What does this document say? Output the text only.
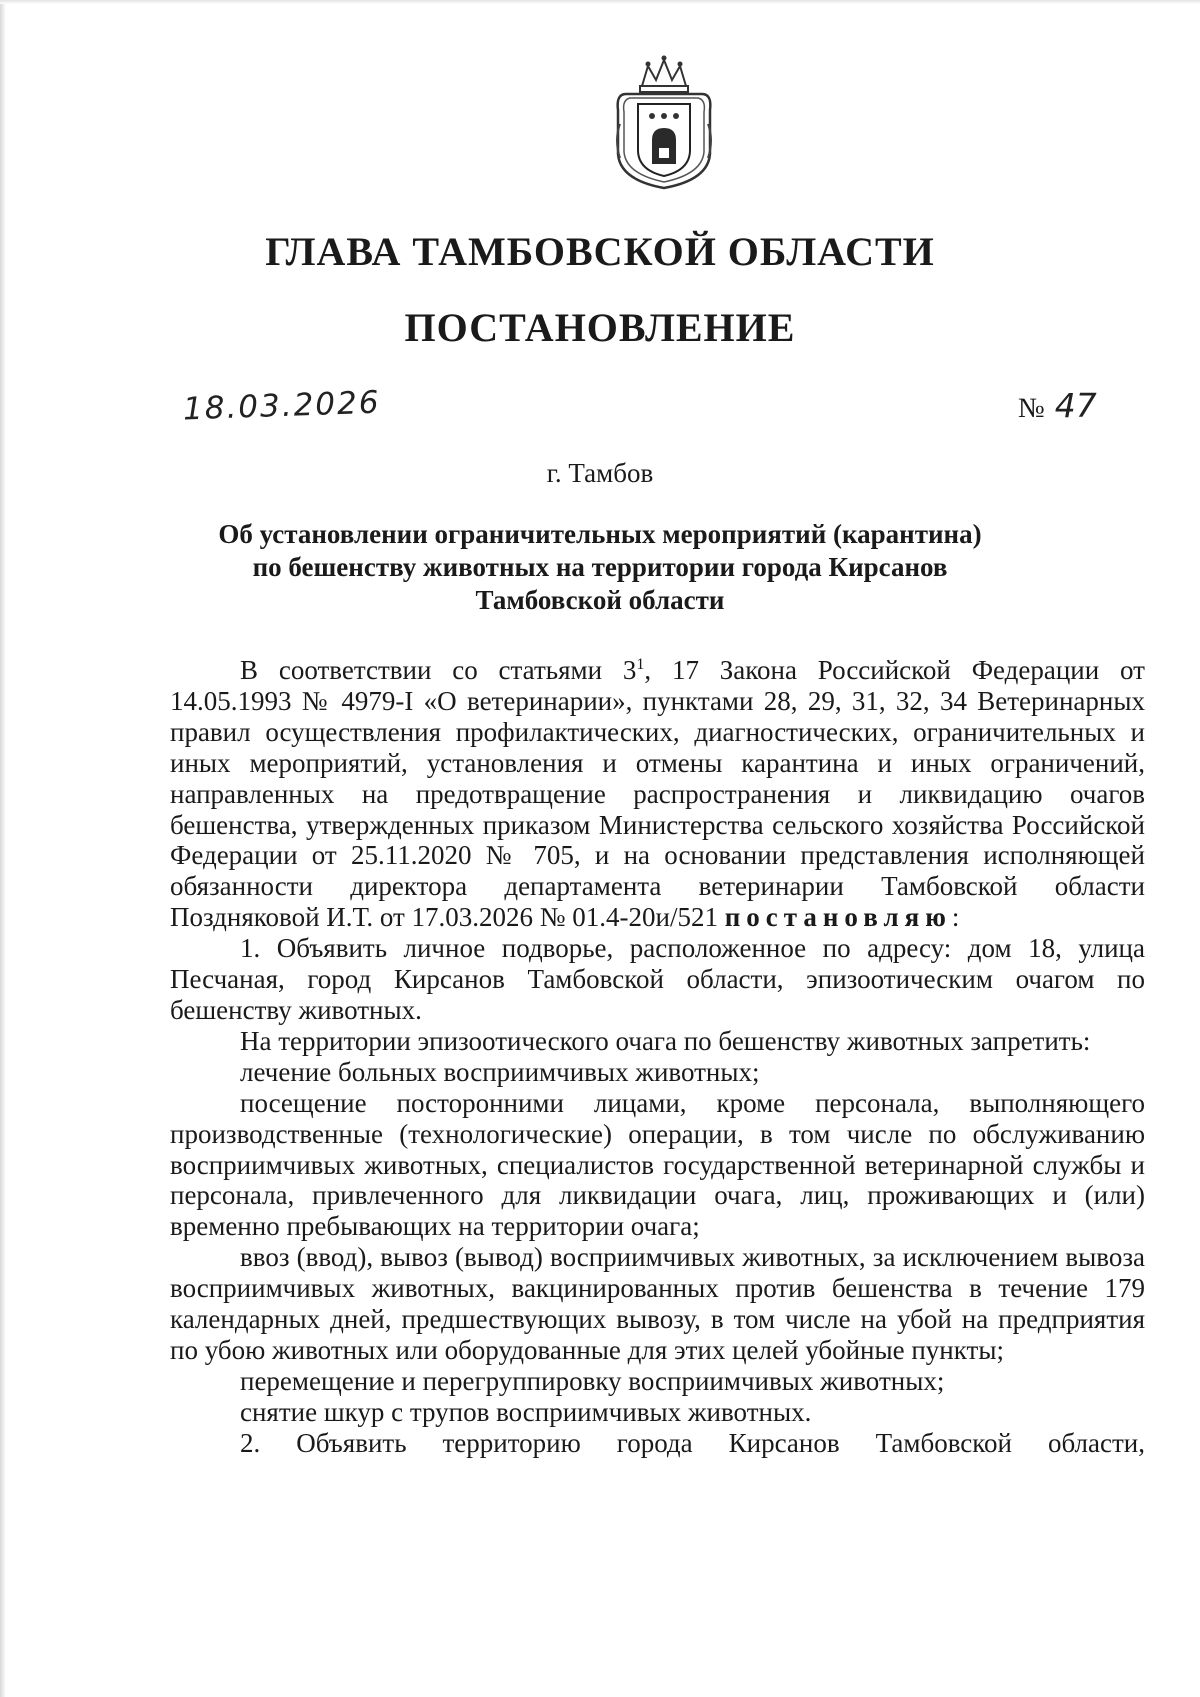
ГЛАВА ТАМБОВСКОЙ ОБЛАСТИ
ПОСТАНОВЛЕНИЕ
18.03.2026	№ 47
г. Тамбов
Об установлении ограничительных мероприятий (карантина)
по бешенству животных на территории города Кирсанов
Тамбовской области

В соответствии со статьями $3^1$, 17 Закона Российской Федерации от 14.05.1993 № 4979-I «О ветеринарии», пунктами 28, 29, 31, 32, 34 Ветеринарных правил осуществления профилактических, диагностических, ограничительных и иных мероприятий, установления и отмены карантина и иных ограничений, направленных на предотвращение распространения и ликвидацию очагов бешенства, утвержденных приказом Министерства сельского хозяйства Российской Федерации от 25.11.2020 № 705, и на основании представления исполняющей обязанности директора департамента ветеринарии Тамбовской области Поздняковой И.Т. от 17.03.2026 № 01.4-20и/521 постановляю:

1. Объявить личное подворье, расположенное по адресу: дом 18, улица Песчаная, город Кирсанов Тамбовской области, эпизоотическим очагом по бешенству животных.

На территории эпизоотического очага по бешенству животных запретить:

лечение больных восприимчивых животных;

посещение посторонними лицами, кроме персонала, выполняющего производственные (технологические) операции, в том числе по обслуживанию восприимчивых животных, специалистов государственной ветеринарной службы и персонала, привлеченного для ликвидации очага, лиц, проживающих и (или) временно пребывающих на территории очага;

ввоз (ввод), вывоз (вывод) восприимчивых животных, за исключением вывоза восприимчивых животных, вакцинированных против бешенства в течение 179 календарных дней, предшествующих вывозу, в том числе на убой на предприятия по убою животных или оборудованные для этих целей убойные пункты;

перемещение и перегруппировку восприимчивых животных;

снятие шкур с трупов восприимчивых животных.

2. Объявить территорию города Кирсанов Тамбовской области,
